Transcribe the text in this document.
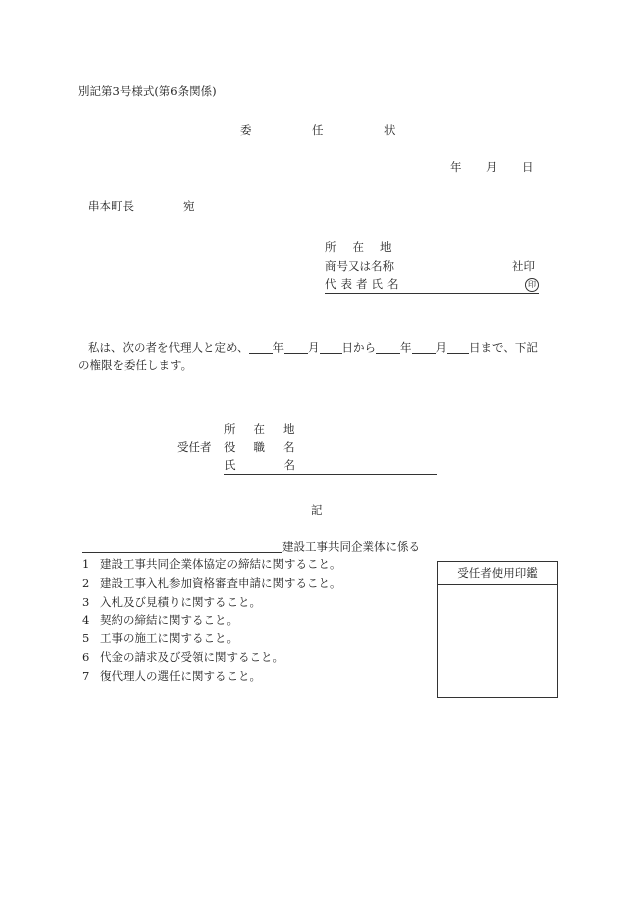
別記第3号様式(第6条関係)
委	任	状
年 月 日
串本町長	宛
所 在 地
商号又は名称	社印
代 表 者 氏 名	印
私は、次の者を代理人と定め、 年 月 日から 年 月 日まで、下記
の権限を委任します。
所 在 地
受任者 役 職 名
氏	名
記
建設工事共同企業体に係る
1 建設工事共同企業体協定の締結に関すること。
2 建設工事入札参加資格審査申請に関すること。
3 入札及び見積りに関すること。
4 契約の締結に関すること。
5 工事の施工に関すること。
6 代金の請求及び受領に関すること。
7 復代理人の選任に関すること。
受任者使用印鑑
